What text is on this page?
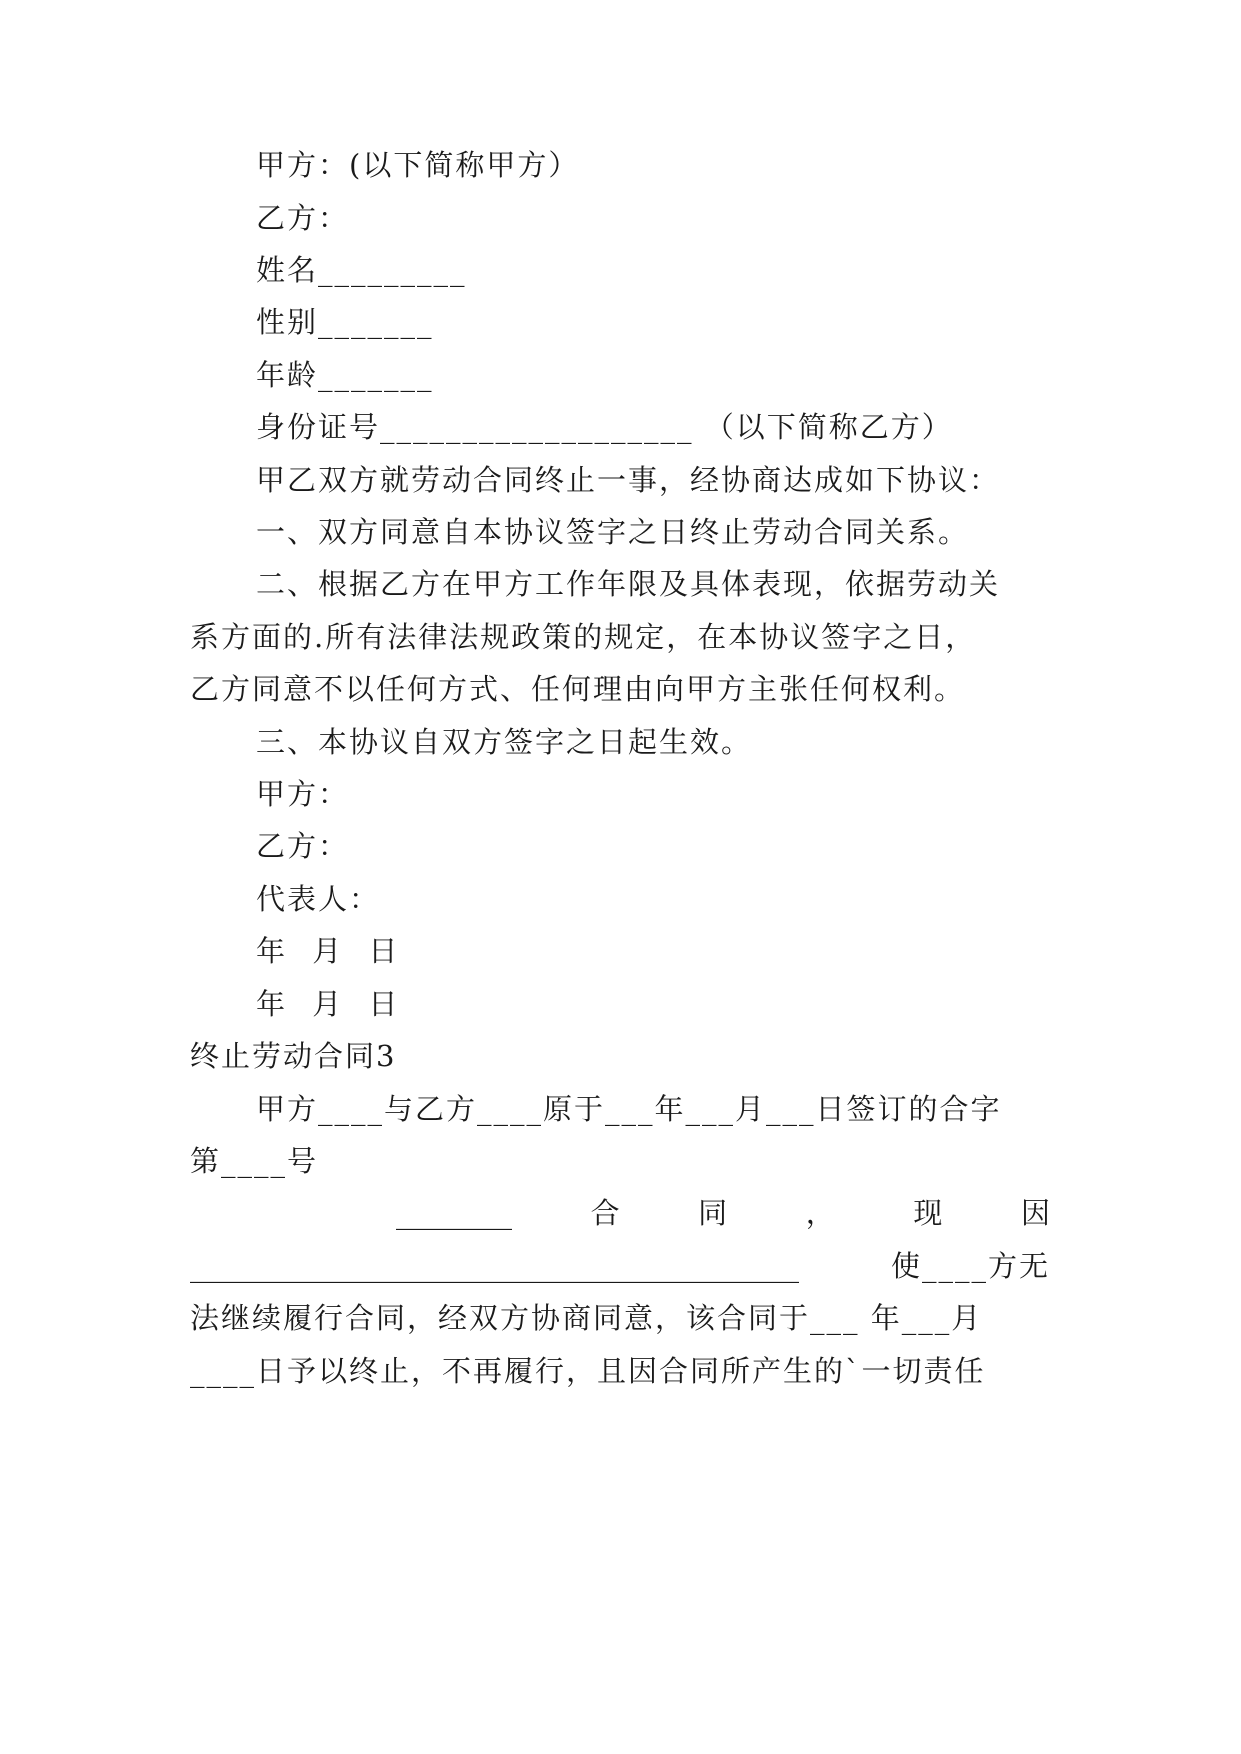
甲方：(以下简称甲方）
乙方：
姓名_________
性别_______
年龄_______
身份证号___________________ （以下简称乙方）
甲乙双方就劳动合同终止一事，经协商达成如下协议：
一、双方同意自本协议签字之日终止劳动合同关系。
二、根据乙方在甲方工作年限及具体表现，依据劳动关
系方面的.所有法律法规政策的规定，在本协议签字之日，
乙方同意不以任何方式、任何理由向甲方主张任何权利。
三、本协议自双方签字之日起生效。
甲方：
乙方：
代表人：
年 月 日
年 月 日
终止劳动合同3
甲方____与乙方____原于___年___月___日签订的合字
第____号
________	合	同	，	现	因
__________________________________________	使____方无
法继续履行合同，经双方协商同意，该合同于___ 年___月
____日予以终止，不再履行，且因合同所产生的`一切责任
